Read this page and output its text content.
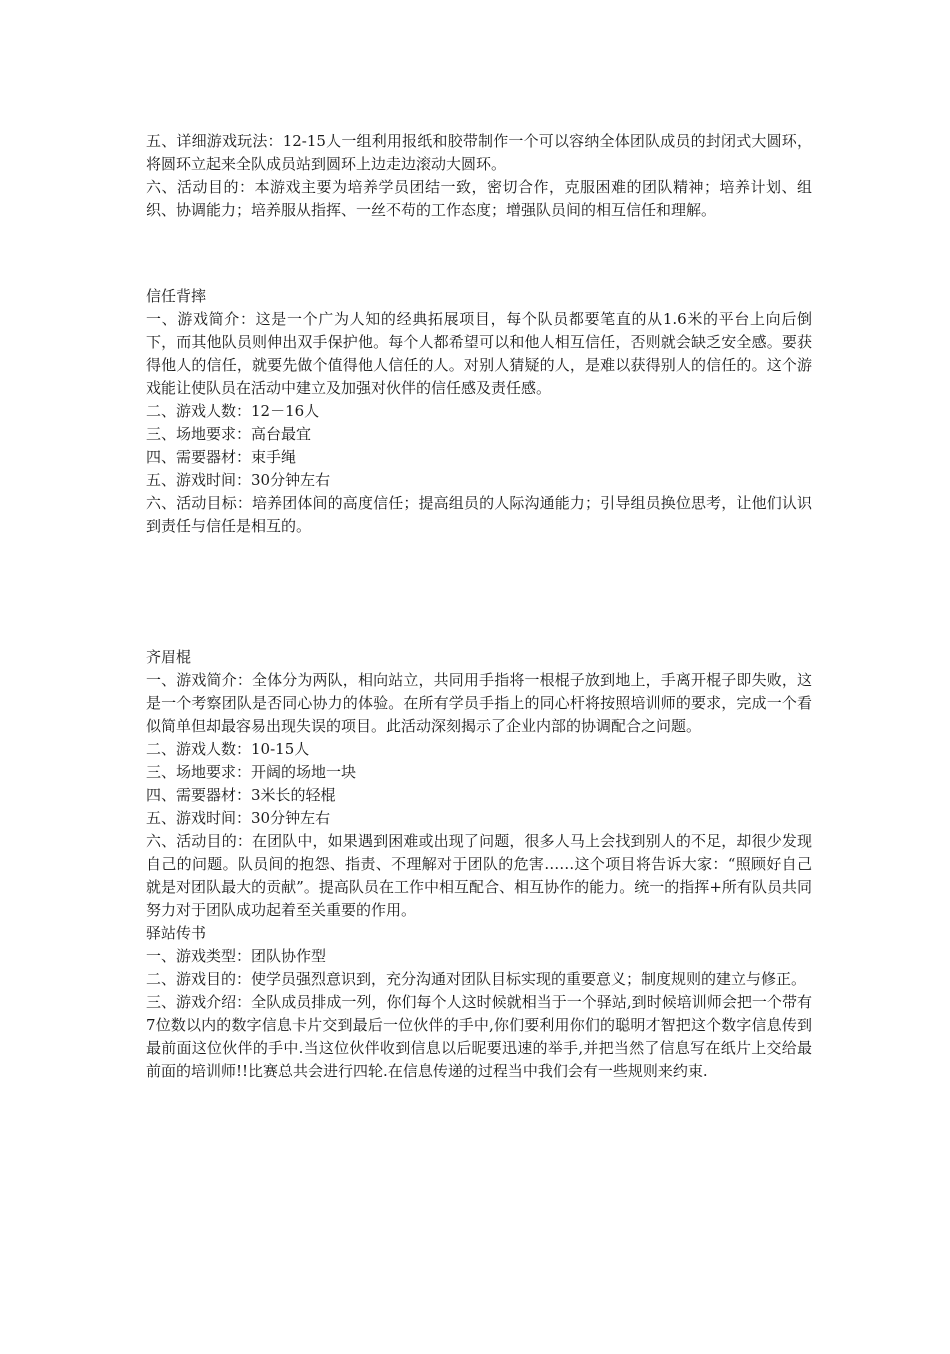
五、详细游戏玩法：12-15人一组利用报纸和胶带制作一个可以容纳全体团队成员的封闭式大圆环，将圆环立起来全队成员站到圆环上边走边滚动大圆环。

六、活动目的：本游戏主要为培养学员团结一致，密切合作，克服困难的团队精神；培养计划、组织、协调能力；培养服从指挥、一丝不苟的工作态度；增强队员间的相互信任和理解。

信任背摔

一、游戏简介：这是一个广为人知的经典拓展项目，每个队员都要笔直的从1.6米的平台上向后倒下，而其他队员则伸出双手保护他。每个人都希望可以和他人相互信任，否则就会缺乏安全感。要获得他人的信任，就要先做个值得他人信任的人。对别人猜疑的人，是难以获得别人的信任的。这个游戏能让使队员在活动中建立及加强对伙伴的信任感及责任感。

二、游戏人数：12－16人

三、场地要求：高台最宜

四、需要器材：束手绳

五、游戏时间：30分钟左右

六、活动目标：培养团体间的高度信任；提高组员的人际沟通能力；引导组员换位思考，让他们认识到责任与信任是相互的。

齐眉棍

一、游戏简介：全体分为两队，相向站立，共同用手指将一根棍子放到地上，手离开棍子即失败，这是一个考察团队是否同心协力的体验。在所有学员手指上的同心杆将按照培训师的要求，完成一个看似简单但却最容易出现失误的项目。此活动深刻揭示了企业内部的协调配合之问题。

二、游戏人数：10-15人

三、场地要求：开阔的场地一块

四、需要器材：3米长的轻棍

五、游戏时间：30分钟左右

六、活动目的：在团队中，如果遇到困难或出现了问题，很多人马上会找到别人的不足，却很少发现自己的问题。队员间的抱怨、指责、不理解对于团队的危害……这个项目将告诉大家：“照顾好自己就是对团队最大的贡献”。提高队员在工作中相互配合、相互协作的能力。统一的指挥+所有队员共同努力对于团队成功起着至关重要的作用。

驿站传书

一、游戏类型：团队协作型

二、游戏目的：使学员强烈意识到，充分沟通对团队目标实现的重要意义；制度规则的建立与修正。

三、游戏介绍：全队成员排成一列，你们每个人这时候就相当于一个驿站,到时候培训师会把一个带有7位数以内的数字信息卡片交到最后一位伙伴的手中,你们要利用你们的聪明才智把这个数字信息传到最前面这位伙伴的手中.当这位伙伴收到信息以后昵要迅速的举手,并把当然了信息写在纸片上交给最前面的培训师!!比赛总共会进行四轮.在信息传递的过程当中我们会有一些规则来约束.
